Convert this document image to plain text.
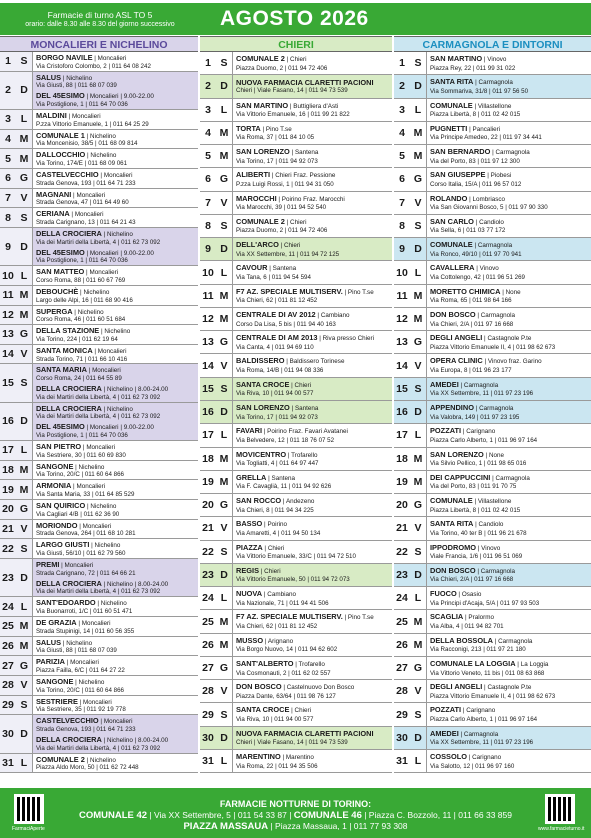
Farmacie di turno ASL TO 5
orario: dalle 8.30 alle 8.30 del giorno successivo	AGOSTO 2026
MONCALIERI E NICHELINO	CHIERI	CARMAGNOLA E DINTORNI
1 S	BORGO NAVILE | Moncalieri
Via Cristoforo Colombo, 2 | 011 64 08 242
2 D
SALUS | Nichelino
Via Giusti, 88 | 011 68 07 039
DEL 45ESIMO | Moncalieri | 9.00-22.00
Via Postiglione, 1 | 011 64 70 036
3 L	MALDINI | Moncalieri
P.zza Vittorio Emanuele, 1 | 011 64 25 29
4 M	COMUNALE 1 | Nichelino
Via Moncenisio, 38/5 | 011 68 09 814
5 M	DALLOCCHIO | Nichelino
Via Torino, 174/E | 011 68 09 061
6 G	CASTELVECCHIO | Moncalieri
Strada Genova, 193 | 011 64 71 233
7 V	MAGNANI | Moncalieri
Strada Genova, 47 | 011 64 49 60
8 S	CERIANA | Moncalieri
Strada Carignano, 13 | 011 64 21 43
9 D
DELLA CROCIERA | Nichelino
Via dei Martiri della Libertà, 4 | 011 62 73 092
DEL 45ESIMO | Moncalieri | 9.00-22.00
Via Postiglione, 1 | 011 64 70 036
10 L	SAN MATTEO | Moncalieri
Corso Roma, 88 | 011 60 67 769
11 M	DEBOUCHÈ | Nichelino
Largo delle Alpi, 16 | 011 68 90 416
12 M	SUPERGA | Nichelino
Corso Roma, 46 | 011 60 51 684
13 G	DELLA STAZIONE | Nichelino
Via Torino, 224 | 011 62 19 64
14 V	SANTA MONICA | Moncalieri
Strada Torino, 71 | 011 66 10 416
15 S
SANTA MARIA | Moncalieri
Corso Roma, 24 | 011 64 55 89
DELLA CROCIERA | Nichelino | 8.00-24.00
Via dei Martiri della Libertà, 4 | 011 62 73 092
16 D
DELLA CROCIERA | Nichelino
Via dei Martiri della Libertà, 4 | 011 62 73 092
DEL 45ESIMO | Moncalieri | 9.00-22.00
Via Postiglione, 1 | 011 64 70 036
17 L	SAN PIETRO | Moncalieri
Via Sestriere, 30 | 011 60 69 830
18 M	SANGONE | Nichelino
Via Torino, 20/C | 011 60 64 866
19 M	ARMONIA | Moncalieri
Via Santa Maria, 33 | 011 64 85 529
20 G	SAN QUIRICO | Nichelino
Via Cagliari 4/B | 011 62 36 90
21 V	MORIONDO | Moncalieri
Strada Genova, 264 | 011 68 10 281
22 S	LARGO GIUSTI | Nichelino
Via Giusti, 56/10 | 011 62 79 560
23 D
PREMI | Moncalieri
Strada Carignano, 72 | 011 64 66 21
DELLA CROCIERA | Nichelino | 8.00-24.00
Via dei Martiri della Libertà, 4 | 011 62 73 092
24 L	SANT'EDOARDO | Nichelino
Via Buonarroti, 1/C | 011 60 51 471
25 M	DE GRAZIA | Moncalieri
Strada Stupinigi, 14 | 011 60 56 355
26 M	SALUS | Nichelino
Via Giusti, 88 | 011 68 07 039
27 G	PARIZIA | Moncalieri
Piazza Failla, 6/C | 011 64 27 22
28 V	SANGONE | Nichelino
Via Torino, 20/C | 011 60 64 866
29 S	SESTRIERE | Moncalieri
Via Sestriere, 35 | 011 92 19 778
30 D
CASTELVECCHIO | Moncalieri
Strada Genova, 193 | 011 64 71 233
DELLA CROCIERA | Nichelino | 8.00-24.00
Via dei Martiri della Libertà, 4 | 011 62 73 092
31 L	COMUNALE 2 | Nichelino
Piazza Aldo Moro, 50 | 011 62 72 448
1 S	COMUNALE 2 | Chieri
Piazza Duomo, 2 | 011 94 72 406
2 D	NUOVA FARMACIA CLARETTI PACIONI
Chieri | Viale Fasano, 14 | 011 94 73 539
3 L	SAN MARTINO | Buttigliera d'Asti
Via Vittorio Emanuele, 16 | 011 99 21 822
4 M	TORTA | Pino T.se
Via Roma, 37 | 011 84 10 05
5 M	SAN LORENZO | Santena
Via Torino, 17 | 011 94 92 073
6 G	ALIBERTI | Chieri Fraz. Pessione
P.zza Luigi Rossi, 1 | 011 94 31 050
7 V	MAROCCHI | Poirino Fraz. Marocchi
Via Marocchi, 39 | 011 94 52 540
8 S	COMUNALE 2 | Chieri
Piazza Duomo, 2 | 011 94 72 406
9 D	DELL'ARCO | Chieri
Via XX Settembre, 11 | 011 94 72 125
10 L	CAVOUR | Santena
Via Tana, 6 | 011 94 54 594
11 M	F7 AZ. SPECIALE MULTISERV. | Pino T.se
Via Chieri, 62 | 011 81 12 452
12 M	CENTRALE DI AV 2012 | Cambiano
Corso Da Lisa, 5 bis | 011 94 40 163
13 G	CENTRALE DI AM 2013 | Riva presso Chieri
Via Canta, 4 | 011 94 69 110
14 V	BALDISSERO | Baldissero Torinese
Via Roma, 14/B | 011 94 08 336
15 S	SANTA CROCE | Chieri
Via Riva, 10 | 011 94 00 577
16 D	SAN LORENZO | Santena
Via Torino, 17 | 011 94 92 073
17 L	FAVARI | Poirino Fraz. Favari Avatanei
Via Belvedere, 12 | 011 18 76 07 52
18 M	MOVICENTRO | Trofarello
Via Togliatti, 4 | 011 64 97 447
19 M	GRELLA | Santena
Via F. Cavaglià, 11 | 011 94 92 626
20 G	SAN ROCCO | Andezeno
Via Chieri, 8 | 011 94 34 225
21 V	BASSO | Poirino
Via Amaretti, 4 | 011 94 50 134
22 S	PIAZZA | Chieri
Via Vittorio Emanuele, 33/C | 011 94 72 510
23 D	REGIS | Chieri
Via Vittorio Emanuele, 50 | 011 94 72 073
24 L	NUOVA | Cambiano
Via Nazionale, 71 | 011 94 41 506
25 M	F7 AZ. SPECIALE MULTISERV. | Pino T.se
Via Chieri, 62 | 011 81 12 452
26 M	MUSSO | Arignano
Via Borgo Nuovo, 14 | 011 94 62 602
27 G	SANT'ALBERTO | Trofarello
Via Cosmonauti, 2 | 011 62 02 557
28 V	DON BOSCO | Castelnuovo Don Bosco
Piazza Dante, 63/64 | 011 98 76 127
29 S	SANTA CROCE | Chieri
Via Riva, 10 | 011 94 00 577
30 D	NUOVA FARMACIA CLARETTI PACIONI
Chieri | Viale Fasano, 14 | 011 94 73 539
31 L	MARENTINO | Marentino
Via Roma, 22 | 011 94 35 506
1 S	SAN MARTINO | Vinovo
Piazza Rey, 22 | 011 99 31 022
2 D	SANTA RITA | Carmagnola
Via Sommariva, 31/8 | 011 97 56 50
3 L	COMUNALE | Villastellone
Piazza Libertà, 8 | 011 02 42 015
4 M	PUGNETTI | Pancalieri
Via Principe Amedeo, 22 | 011 97 34 441
5 M	SAN BERNARDO | Carmagnola
Via del Porto, 83 | 011 97 12 300
6 G	SAN GIUSEPPE | Piobesi
Corso Italia, 15/A | 011 96 57 012
7 V	ROLANDO | Lombriasco
Via San Giovanni Bosco, 5 | 011 97 90 330
8 S	SAN CARLO | Candiolo
Via Sella, 6 | 011 03 77 172
9 D	COMUNALE | Carmagnola
Via Ronco, 49/10 | 011 97 70 941
10 L	CAVALLERA | Vinovo
Via Cottolengo, 42 | 011 96 51 269
11 M	MORETTO CHIMICA | None
Via Roma, 65 | 011 98 64 166
12 M	DON BOSCO | Carmagnola
Via Chieri, 2/A | 011 97 16 668
13 G	DEGLI ANGELI | Castagnole P.te
Piazza Vittorio Emanuele II, 4 | 011 98 62 673
14 V	OPERA CLINIC | Vinovo fraz. Garino
Via Europa, 8 | 011 96 23 177
15 S	AMEDEI | Carmagnola
Via XX Settembre, 11 | 011 97 23 196
16 D	APPENDINO | Carmagnola
Via Valobra, 149 | 011 97 23 195
17 L	POZZATI | Carignano
Piazza Carlo Alberto, 1 | 011 96 97 164
18 M	SAN LORENZO | None
Via Silvio Pellico, 1 | 011 98 65 016
19 M	DEI CAPPUCCINI | Carmagnola
Via del Porto, 83 | 011 91 70 75
20 G	COMUNALE | Villastellone
Piazza Libertà, 8 | 011 02 42 015
21 V	SANTA RITA | Candiolo
Via Torino, 40 ter B | 011 96 21 678
22 S	IPPODROMO | Vinovo
Viale Francia, 1/6 | 011 96 51 069
23 D	DON BOSCO | Carmagnola
Via Chieri, 2/A | 011 97 16 668
24 L	FUOCO | Osasio
Via Principi d'Acaja, 5/A | 011 97 93 503
25 M	SCAGLIA | Pralormo
Via Alba, 4 | 011 94 82 701
26 M	DELLA BOSSOLA | Carmagnola
Via Racconigi, 213 | 011 97 21 180
27 G	COMUNALE LA LOGGIA | La Loggia
Via Vittorio Veneto, 11 bis | 011 08 63 868
28 V	DEGLI ANGELI | Castagnole P.te
Piazza Vittorio Emanuele II, 4 | 011 98 62 673
29 S	POZZATI | Carignano
Piazza Carlo Alberto, 1 | 011 96 97 164
30 D	AMEDEI | Carmagnola
Via XX Settembre, 11 | 011 97 23 196
31 L	COSSOLO | Carignano
Via Salotto, 12 | 011 96 97 160
FarmaciAperte
FARMACIE NOTTURNE DI TORINO:
COMUNALE 42 | Via XX Settembre, 5 | 011 54 33 87 | COMUNALE 46 | Piazza C. Bozzolo, 11 | 011 66 33 859
PIAZZA MASSAUA | Piazza Massaua, 1 | 011 77 93 308	www.farmacieturno.it
